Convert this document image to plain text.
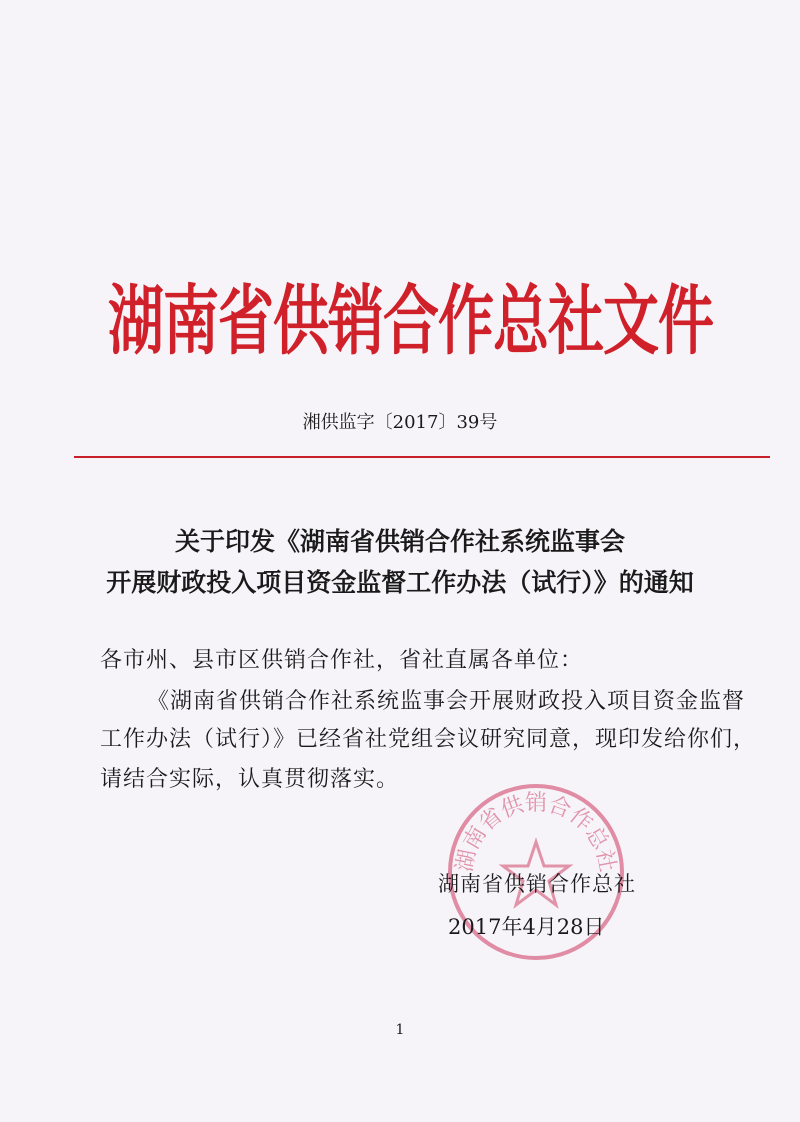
湖南省供销合作总社文件
湘供监字〔2017〕39号
关于印发《湖南省供销合作社系统监事会
开展财政投入项目资金监督工作办法（试行）》的通知
各市州、县市区供销合作社，省社直属各单位：
《湖南省供销合作社系统监事会开展财政投入项目资金监督
工作办法（试行）》已经省社党组会议研究同意，现印发给你们，
请结合实际，认真贯彻落实。
湖南省供销合作总社
湖南省供销合作总社
2017年4月28日
1
